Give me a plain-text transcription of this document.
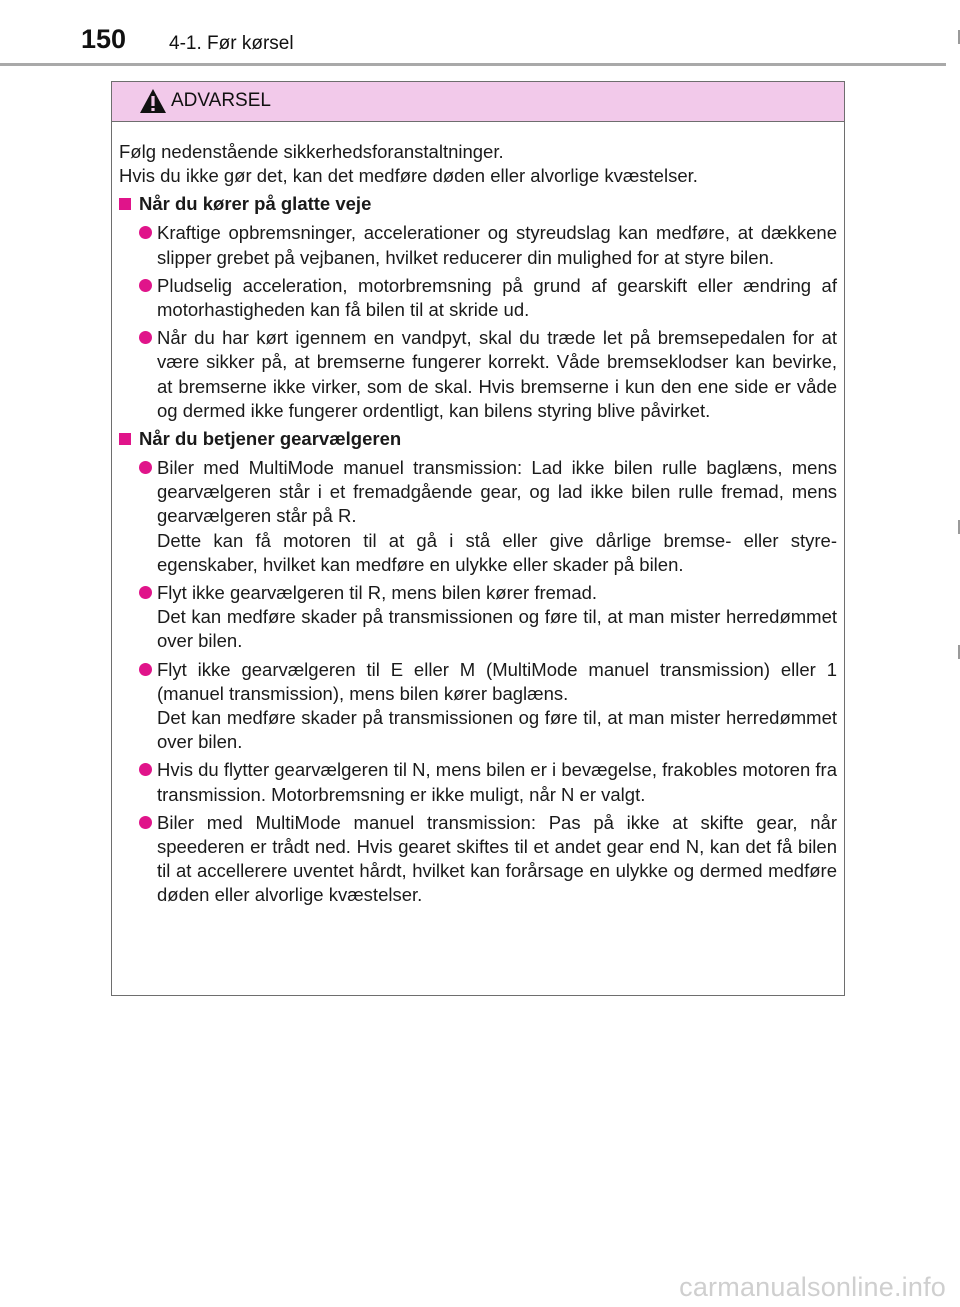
150 4-1. Før kørsel
ADVARSEL
Følg nedenstående sikkerhedsforanstaltninger.
Hvis du ikke gør det, kan det medføre døden eller alvorlige kvæstelser.
Når du kører på glatte veje
Kraftige opbremsninger, accelerationer og styreudslag kan medføre, at dækkene slipper grebet på vejbanen, hvilket reducerer din mulighed for at styre bilen.
Pludselig acceleration, motorbremsning på grund af gearskift eller ændring af motorhastigheden kan få bilen til at skride ud.
Når du har kørt igennem en vandpyt, skal du træde let på bremsepedalen for at være sikker på, at bremserne fungerer korrekt. Våde bremseklodser kan bevirke, at bremserne ikke virker, som de skal. Hvis bremserne i kun den ene side er våde og dermed ikke fungerer ordentligt, kan bilens styring blive påvirket.
Når du betjener gearvælgeren
Biler med MultiMode manuel transmission: Lad ikke bilen rulle baglæns, mens gearvælgeren står i et fremadgående gear, og lad ikke bilen rulle fremad, mens gearvælgeren står på R.
Dette kan få motoren til at gå i stå eller give dårlige bremse- eller styre-egenskaber, hvilket kan medføre en ulykke eller skader på bilen.
Flyt ikke gearvælgeren til R, mens bilen kører fremad.
Det kan medføre skader på transmissionen og føre til, at man mister herredømmet over bilen.
Flyt ikke gearvælgeren til E eller M (MultiMode manuel transmission) eller 1 (manuel transmission), mens bilen kører baglæns.
Det kan medføre skader på transmissionen og føre til, at man mister herredømmet over bilen.
Hvis du flytter gearvælgeren til N, mens bilen er i bevægelse, frakobles motoren fra transmission. Motorbremsning er ikke muligt, når N er valgt.
Biler med MultiMode manuel transmission: Pas på ikke at skifte gear, når speederen er trådt ned. Hvis gearet skiftes til et andet gear end N, kan det få bilen til at accellerere uventet hårdt, hvilket kan forårsage en ulykke og dermed medføre døden eller alvorlige kvæstelser.
carmanualsonline.info
